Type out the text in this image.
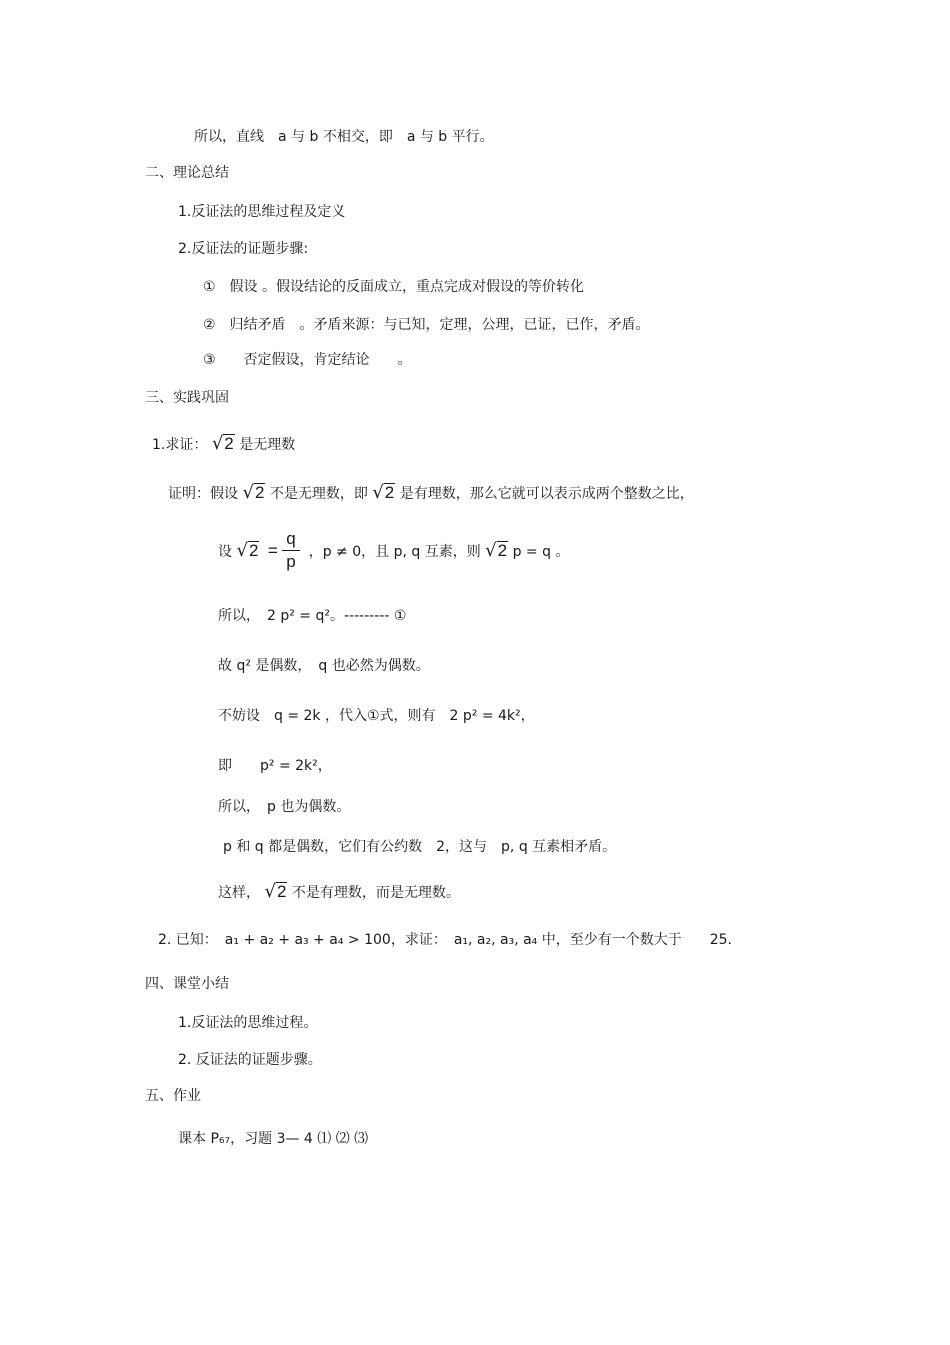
所以，直线　a 与 b 不相交，即　a 与 b 平行。
二、理论总结
1.反证法的思维过程及定义
2.反证法的证题步骤:
①　假设 。假设结论的反面成立，重点完成对假设的等价转化
②　归结矛盾　。矛盾来源：与已知，定理，公理，已证，已作，矛盾。
③　　否定假设，肯定结论　　。
三、实践巩固
1.求证： √2 是无理数
证明：假设 √2 不是无理数，即 √2 是有理数，那么它就可以表示成两个整数之比，
设 √2 = ，p ≠ 0，且 p, q 互素，则 √2 p = q 。
q
p
所以，　2 p² = q²。--------- ①
故 q² 是偶数，　q 也必然为偶数。
不妨设　q = 2k ，代入①式，则有　2 p² = 4k²，
即　　p² = 2k²，
所以，　p 也为偶数。
p 和 q 都是偶数，它们有公约数　2，这与　p, q 互素相矛盾。
这样， √2 不是有理数，而是无理数。
2. 已知：　a₁ + a₂ + a₃ + a₄ > 100，求证：　a₁, a₂, a₃, a₄ 中，至少有一个数大于　　25.
四、课堂小结
1.反证法的思维过程。
2. 反证法的证题步骤。
五、作业
课本 P₆₇，习题 3— 4 ⑴ ⑵ ⑶
